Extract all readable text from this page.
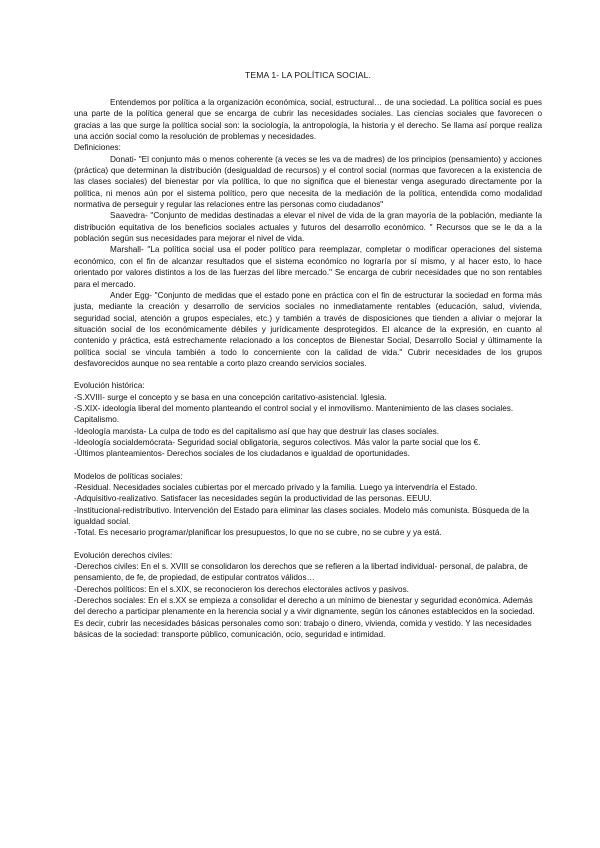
TEMA 1- LA POLÍTICA SOCIAL.

Entendemos por política a la organización económica, social, estructural… de una sociedad. La política social es pues una parte de la política general que se encarga de cubrir las necesidades sociales. Las ciencias sociales que favorecen o gracias a las que surge la política social son: la sociología, la antropología, la historia y el derecho. Se llama así porque realiza una acción social como la resolución de problemas y necesidades.

Definiciones:

Donati- "El conjunto más o menos coherente (a veces se les va de madres) de los principios (pensamiento) y acciones (práctica) que determinan la distribución (desigualdad de recursos) y el control social (normas que favorecen a la existencia de las clases sociales) del bienestar por vía política, lo que no significa que el bienestar venga asegurado directamente por la política, ni menos aún por el sistema político, pero que necesita de la mediación de la política, entendida como modalidad normativa de perseguir y regular las relaciones entre las personas como ciudadanos"

Saavedra- "Conjunto de medidas destinadas a elevar el nivel de vida de la gran mayoría de la población, mediante la distribución equitativa de los beneficios sociales actuales y futuros del desarrollo económico. " Recursos que se le da a la población según sus necesidades para mejorar el nivel de vida.

Marshall- "La política social usa el poder político para reemplazar, completar o modificar operaciones del sistema económico, con el fin de alcanzar resultados que el sistema económico no lograría por sí mismo, y al hacer esto, lo hace orientado por valores distintos a los de las fuerzas del libre mercado." Se encarga de cubrir necesidades que no son rentables para el mercado.

Ander Egg- "Conjunto de medidas que el estado pone en práctica con el fin de estructurar la sociedad en forma más justa, mediante la creación y desarrollo de servicios sociales no inmediatamente rentables (educación, salud, vivienda, seguridad social, atención a grupos especiales, etc.) y también a través de disposiciones que tienden a aliviar o mejorar la situación social de los económicamente débiles y jurídicamente desprotegidos. El alcance de la expresión, en cuanto al contenido y práctica, está estrechamente relacionado a los conceptos de Bienestar Social, Desarrollo Social y últimamente la política social se vincula también a todo lo concerniente con la calidad de vida." Cubrir necesidades de los grupos desfavorecidos aunque no sea rentable a corto plazo creando servicios sociales.

Evolución histórica:

-S.XVIII- surge el concepto y se basa en una concepción caritativo-asistencial. Iglesia.

-S.XIX- ideología liberal del momento planteando el control social y el inmovilismo. Mantenimiento de las clases sociales. Capitalismo.

-Ideología marxista- La culpa de todo es del capitalismo así que hay que destruir las clases sociales.

-Ideología socialdemócrata- Seguridad social obligatoria, seguros colectivos. Más valor la parte social que los €.

-Últimos planteamientos- Derechos sociales de los ciudadanos e igualdad de oportunidades.

Modelos de políticas sociales:

-Residual. Necesidades sociales cubiertas por el mercado privado y la familia. Luego ya intervendría el Estado.

-Adquisitivo-realizativo. Satisfacer las necesidades según la productividad de las personas. EEUU.

-Institucional-redistributivo. Intervención del Estado para eliminar las clases sociales. Modelo más comunista. Búsqueda de la igualdad social.

-Total. Es necesario programar/planificar los presupuestos, lo que no se cubre, no se cubre y ya está.

Evolución derechos civiles:

-Derechos civiles: En el s. XVIII se consolidaron los derechos que se refieren a la libertad individual- personal, de palabra, de pensamiento, de fe, de propiedad, de estipular contratos válidos…

-Derechos políticos: En el s.XIX, se reconocieron los derechos electorales activos y pasivos.

-Derechos sociales: En el s.XX se empieza a consolidar el derecho a un mínimo de bienestar y seguridad económica. Además del derecho a participar plenamente en la herencia social y a vivir dignamente, según los cánones establecidos en la sociedad. Es decir, cubrir las necesidades básicas personales como son: trabajo o dinero, vivienda, comida y vestido. Y las necesidades básicas de la sociedad: transporte público, comunicación, ocio, seguridad e intimidad.
